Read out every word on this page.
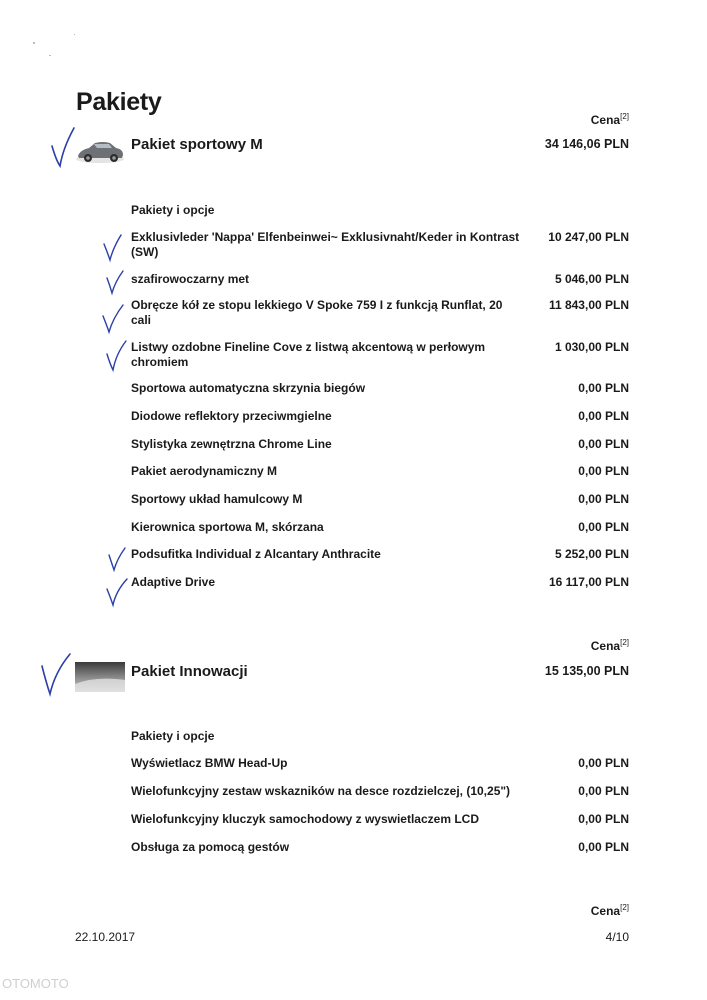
Pakiety
Cena[2]
Pakiet sportowy M	34 146,06 PLN
Pakiety i opcje
Exklusivleder 'Nappa' Elfenbeinwei~ Exklusivnaht/Keder in Kontrast (SW)
10 247,00 PLN
szafirowoczarny met	5 046,00 PLN
Obręcze kół ze stopu lekkiego V Spoke 759 I z funkcją Runflat, 20 cali
11 843,00 PLN
Listwy ozdobne Fineline Cove z listwą akcentową w perłowym chromiem
1 030,00 PLN
Sportowa automatyczna skrzynia biegów	0,00 PLN
Diodowe reflektory przeciwmgielne	0,00 PLN
Stylistyka zewnętrzna Chrome Line	0,00 PLN
Pakiet aerodynamiczny M	0,00 PLN
Sportowy układ hamulcowy M	0,00 PLN
Kierownica sportowa M, skórzana	0,00 PLN
Podsufitka Individual z Alcantary Anthracite	5 252,00 PLN
Adaptive Drive	16 117,00 PLN
Cena[2]
Pakiet Innowacji	15 135,00 PLN
Pakiety i opcje
Wyświetlacz BMW Head-Up	0,00 PLN
Wielofunkcyjny zestaw wskazników na desce rozdzielczej, (10,25")	0,00 PLN
Wielofunkcyjny kluczyk samochodowy z wyswietlaczem LCD	0,00 PLN
Obsługa za pomocą gestów	0,00 PLN
Cena[2]
22.10.2017	4/10
OTOMOTO
